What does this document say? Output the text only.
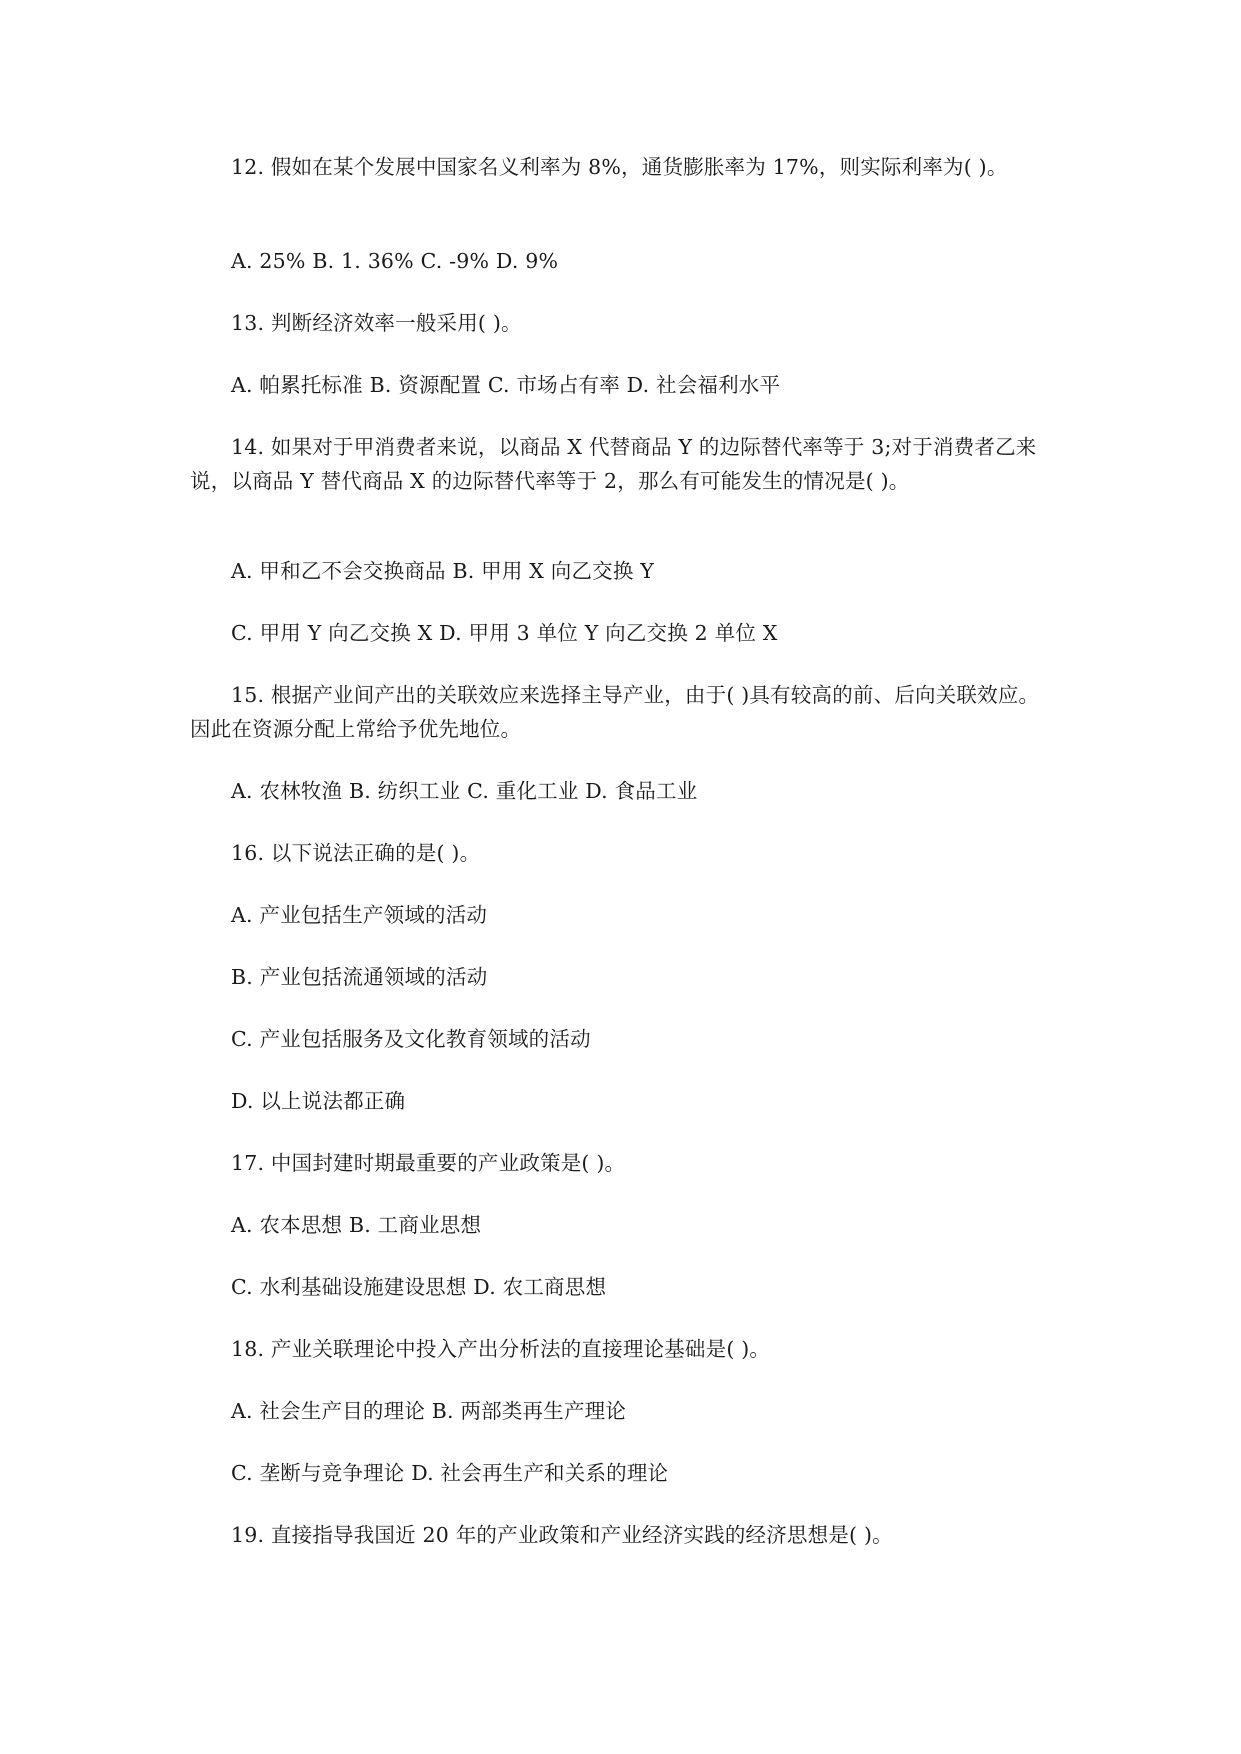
12. 假如在某个发展中国家名义利率为 8%，通货膨胀率为 17%，则实际利率为( )。
A. 25% B. 1. 36% C. -9% D. 9%
13. 判断经济效率一般采用( )。
A. 帕累托标准 B. 资源配置 C. 市场占有率 D. 社会福利水平
14. 如果对于甲消费者来说，以商品 X 代替商品 Y 的边际替代率等于 3;对于消费者乙来
说，以商品 Y 替代商品 X 的边际替代率等于 2，那么有可能发生的情况是( )。
A. 甲和乙不会交换商品 B. 甲用 X 向乙交换 Y
C. 甲用 Y 向乙交换 X D. 甲用 3 单位 Y 向乙交换 2 单位 X
15. 根据产业间产出的关联效应来选择主导产业，由于( )具有较高的前、后向关联效应。
因此在资源分配上常给予优先地位。
A. 农林牧渔 B. 纺织工业 C. 重化工业 D. 食品工业
16. 以下说法正确的是( )。
A. 产业包括生产领域的活动
B. 产业包括流通领域的活动
C. 产业包括服务及文化教育领域的活动
D. 以上说法都正确
17. 中国封建时期最重要的产业政策是( )。
A. 农本思想 B. 工商业思想
C. 水利基础设施建设思想 D. 农工商思想
18. 产业关联理论中投入产出分析法的直接理论基础是( )。
A. 社会生产目的理论 B. 两部类再生产理论
C. 垄断与竞争理论 D. 社会再生产和关系的理论
19. 直接指导我国近 20 年的产业政策和产业经济实践的经济思想是( )。
